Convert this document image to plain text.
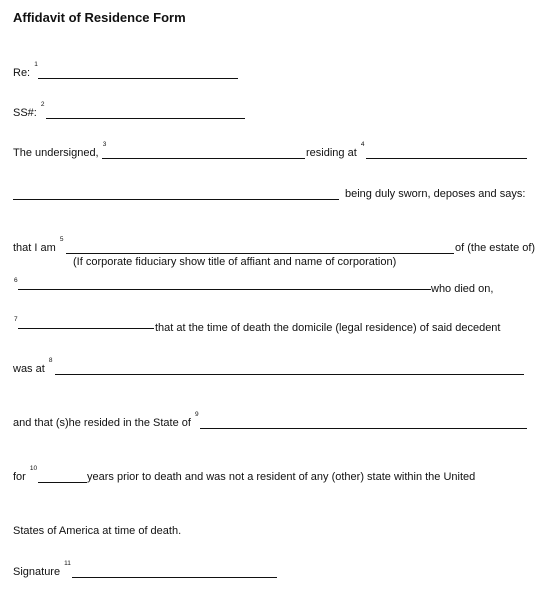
Affidavit of Residence Form
Re: $^1$
SS#: $^2$
The undersigned, $^3$
residing at $^4$
being duly sworn, deposes and says:
that I am $^5$
of (the estate of)
(If corporate fiduciary show title of affiant and name of corporation)
$^6$
who died on,
$^7$
that at the time of death the domicile (legal residence) of said decedent
was at $^8$
and that (s)he resided in the State of $^9$
for $^{10}$
years prior to death and was not a resident of any (other) state within the United
States of America at time of death.
Signature $^{11}$
